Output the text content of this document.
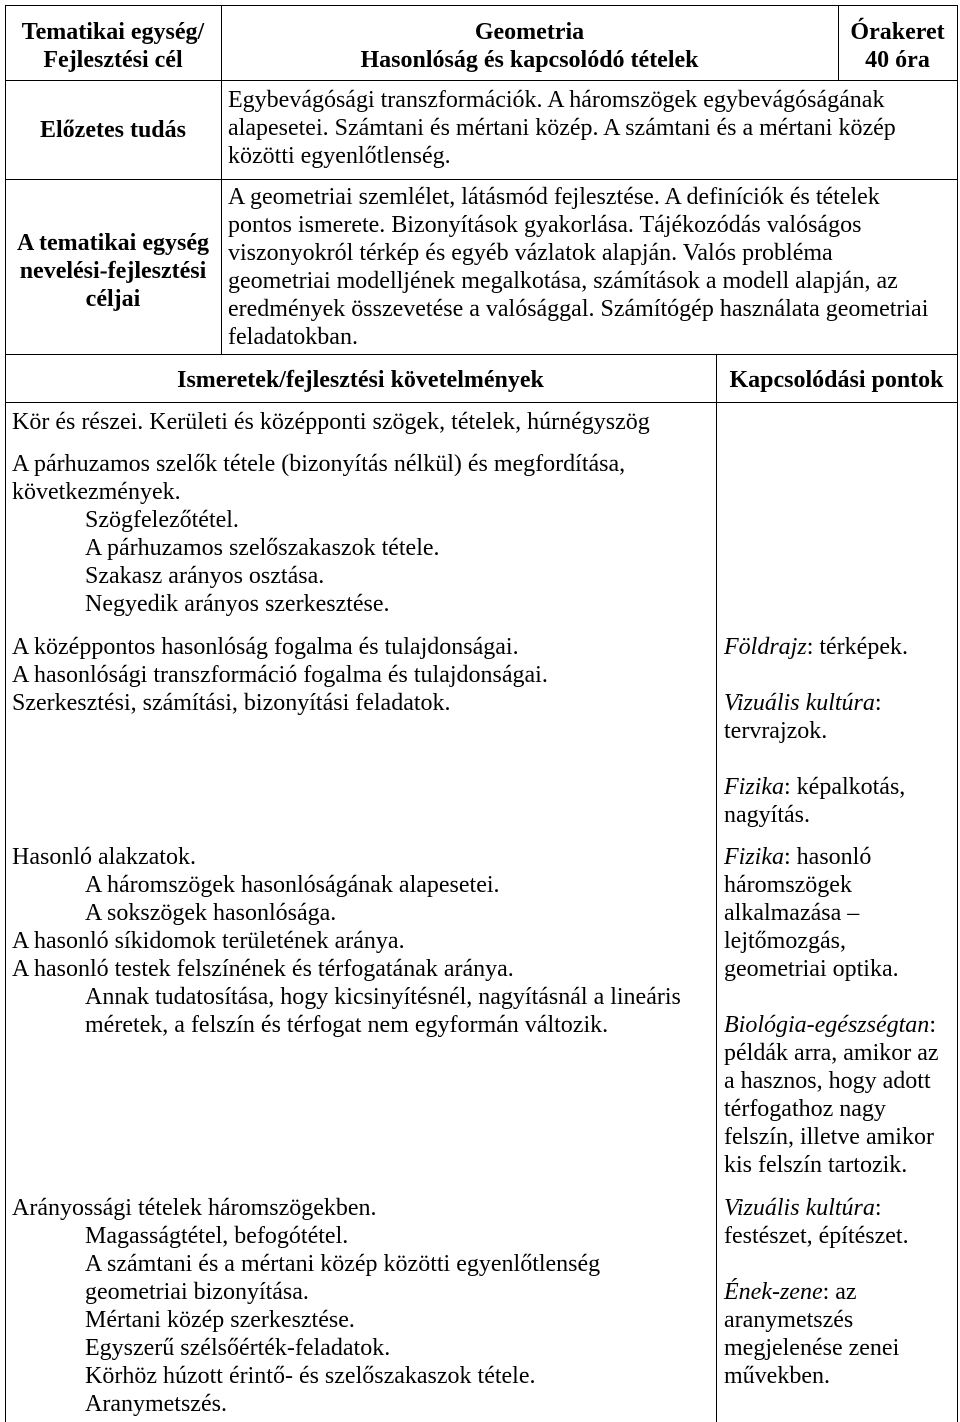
Tematikai egység/
Fejlesztési cél
Geometria
Hasonlóság és kapcsolódó tételek
Órakeret
40 óra
Előzetes tudás
Egybevágósági transzformációk. A háromszögek egybevágóságának
alapesetei. Számtani és mértani közép. A számtani és a mértani közép
közötti egyenlőtlenség.
A tematikai egység
nevelési-fejlesztési
céljai
A geometriai szemlélet, látásmód fejlesztése. A definíciók és tételek
pontos ismerete. Bizonyítások gyakorlása. Tájékozódás valóságos
viszonyokról térkép és egyéb vázlatok alapján. Valós probléma
geometriai modelljének megalkotása, számítások a modell alapján, az
eredmények összevetése a valósággal. Számítógép használata geometriai
feladatokban.
Ismeretek/fejlesztési követelmények	Kapcsolódási pontok
Kör és részei. Kerületi és középponti szögek, tételek, húrnégyszög
A párhuzamos szelők tétele (bizonyítás nélkül) és megfordítása,
következmények.
Szögfelezőtétel.
A párhuzamos szelőszakaszok tétele.
Szakasz arányos osztása.
Negyedik arányos szerkesztése.
A középpontos hasonlóság fogalma és tulajdonságai.
A hasonlósági transzformáció fogalma és tulajdonságai.
Szerkesztési, számítási, bizonyítási feladatok.
Hasonló alakzatok.
A háromszögek hasonlóságának alapesetei.
A sokszögek hasonlósága.
A hasonló síkidomok területének aránya.
A hasonló testek felszínének és térfogatának aránya.
Annak tudatosítása, hogy kicsinyítésnél, nagyításnál a lineáris
méretek, a felszín és térfogat nem egyformán változik.
Arányossági tételek háromszögekben.
Magasságtétel, befogótétel.
A számtani és a mértani közép közötti egyenlőtlenség
geometriai bizonyítása.
Mértani közép szerkesztése.
Egyszerű szélsőérték-feladatok.
Körhöz húzott érintő- és szelőszakaszok tétele.
Aranymetszés.
Földrajz: térképek.
Vizuális kultúra:
tervrajzok.
Fizika: képalkotás,
nagyítás.
Fizika: hasonló
háromszögek
alkalmazása –
lejtőmozgás,
geometriai optika.
Biológia-egészségtan:
példák arra, amikor az
a hasznos, hogy adott
térfogathoz nagy
felszín, illetve amikor
kis felszín tartozik.
Vizuális kultúra:
festészet, építészet.
Ének-zene: az
aranymetszés
megjelenése zenei
művekben.
